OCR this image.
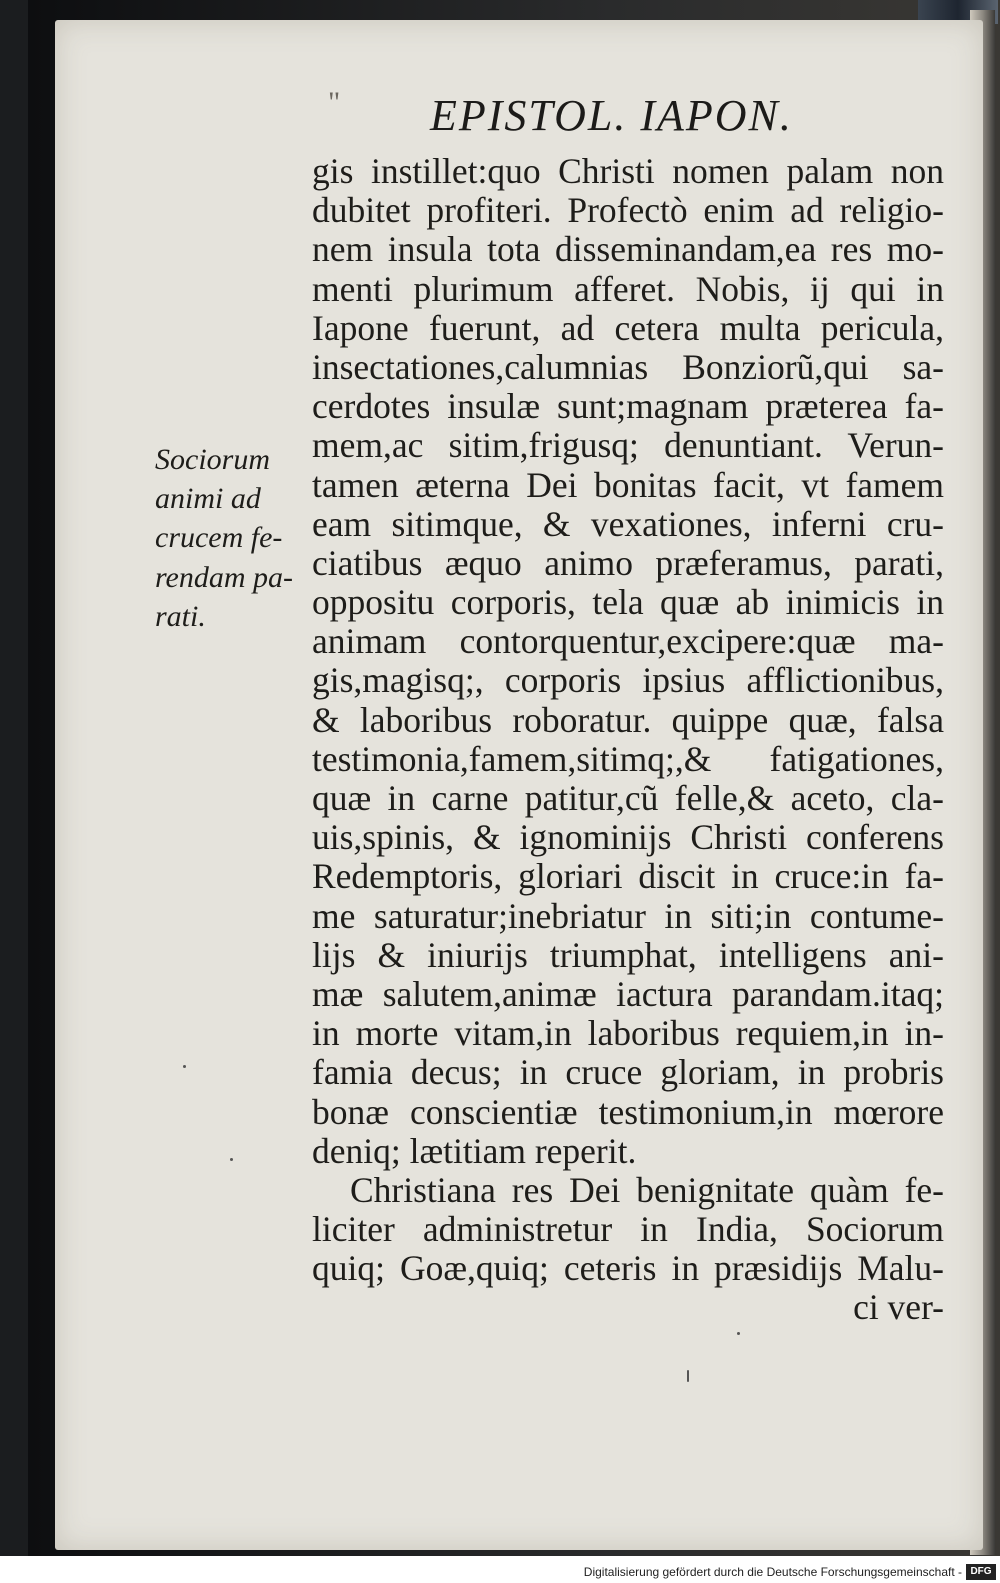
" EPISTOL. IAPON.
Sociorum
animi ad
crucem fe-
rendam pa-
rati.
gis instillet:quo Christi nomen palam non
dubitet profiteri. Profectò enim ad religio-
nem insula tota disseminandam,ea res mo-
menti plurimum afferet. Nobis, ij qui in
Iapone fuerunt, ad cetera multa pericula,
insectationes,calumnias Bonziorũ,qui sa-
cerdotes insulæ sunt;magnam præterea fa-
mem,ac sitim,frigusq; denuntiant. Verun-
tamen æterna Dei bonitas facit, vt famem
eam sitimque, & vexationes, inferni cru-
ciatibus æquo animo præferamus, parati,
oppositu corporis, tela quæ ab inimicis in
animam contorquentur,excipere:quæ ma-
gis,magisq;, corporis ipsius afflictionibus,
& laboribus roboratur. quippe quæ, falsa
testimonia,famem,sitimq;,& fatigationes,
quæ in carne patitur,cũ felle,& aceto, cla-
uis,spinis, & ignominijs Christi conferens
Redemptoris, gloriari discit in cruce:in fa-
me saturatur;inebriatur in siti;in contume-
lijs & iniurijs triumphat, intelligens ani-
mæ salutem,animæ iactura parandam.itaq;
in morte vitam,in laboribus requiem,in in-
famia decus; in cruce gloriam, in probris
bonæ conscientiæ testimonium,in mœrore
deniq; lætitiam reperit.
Christiana res Dei benignitate quàm fe-
liciter administretur in India, Sociorum
quiq; Goæ,quiq; ceteris in præsidijs Malu-
ci ver-
Digitalisierung gefördert durch die Deutsche Forschungsgemeinschaft - DFG
